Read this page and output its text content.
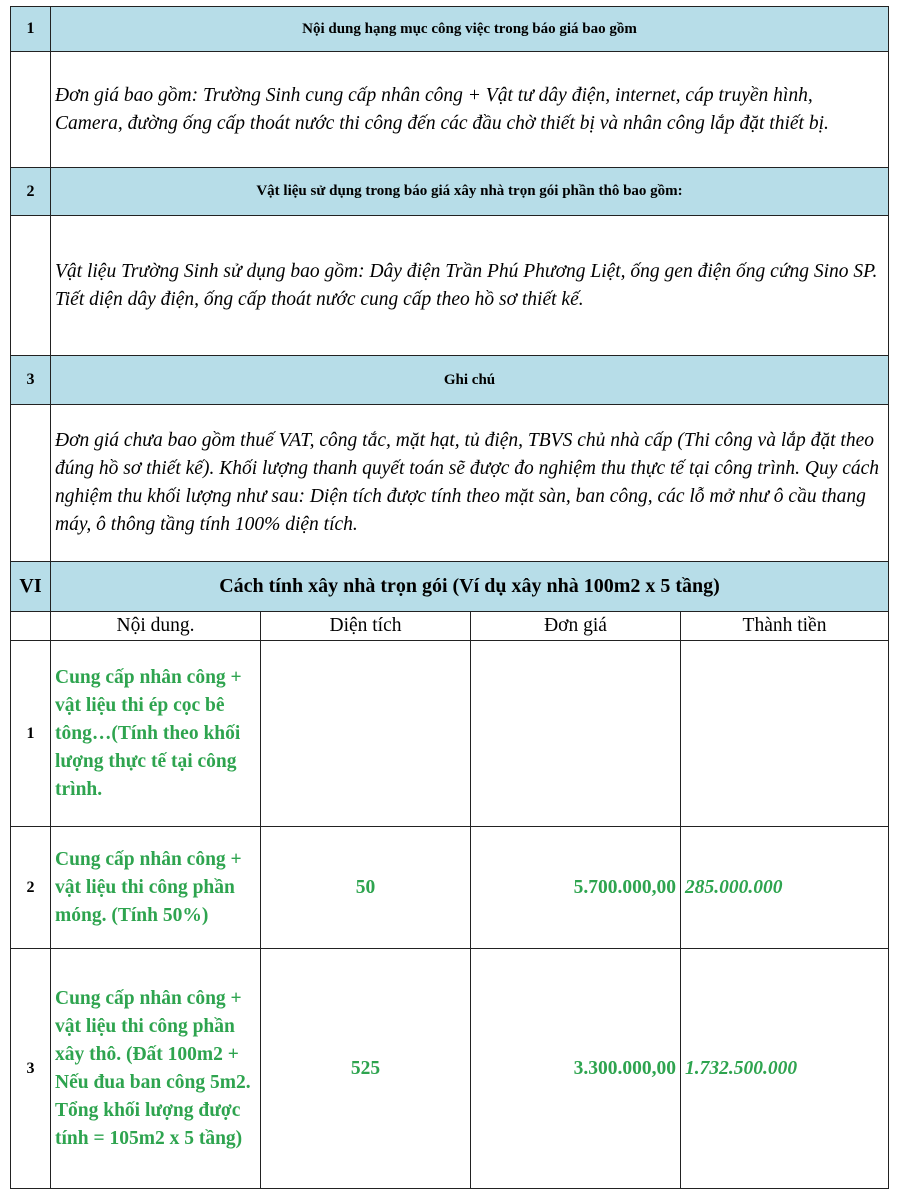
1	Nội dung hạng mục công việc trong báo giá bao gồm			
	Đơn giá bao gồm: Trường Sinh cung cấp nhân công + Vật tư dây điện, internet, cáp truyền hình, Camera, đường ống cấp thoát nước thi công đến các đầu chờ thiết bị và nhân công lắp đặt thiết bị.			
2	Vật liệu sử dụng trong báo giá xây nhà trọn gói phần thô bao gồm:			
	Vật liệu Trường Sinh sử dụng bao gồm: Dây điện Trần Phú Phương Liệt, ống gen điện ống cứng Sino SP. Tiết diện dây điện, ống cấp thoát nước cung cấp theo hồ sơ thiết kế.			
3	Ghi chú			
	Đơn giá chưa bao gồm thuế VAT, công tắc, mặt hạt, tủ điện, TBVS chủ nhà cấp (Thi công và lắp đặt theo đúng hồ sơ thiết kế). Khối lượng thanh quyết toán sẽ được đo nghiệm thu thực tế tại công trình. Quy cách nghiệm thu khối lượng như sau: Diện tích được tính theo mặt sàn, ban công, các lỗ mở như ô cầu thang máy, ô thông tầng tính 100% diện tích.			
VI	Cách tính xây nhà trọn gói (Ví dụ xây nhà 100m2 x 5 tầng)			
	Nội dung.	Diện tích	Đơn giá	Thành tiền
1	Cung cấp nhân công + vật liệu thi ép cọc bê tông…(Tính theo khối lượng thực tế tại công trình.			
2	Cung cấp nhân công + vật liệu thi công phần móng. (Tính 50%)	50	5.700.000,00	285.000.000
3	Cung cấp nhân công + vật liệu thi công phần xây thô. (Đất 100m2 + Nếu đua ban công 5m2. Tổng khối lượng được tính = 105m2 x 5 tầng)	525	3.300.000,00	1.732.500.000
